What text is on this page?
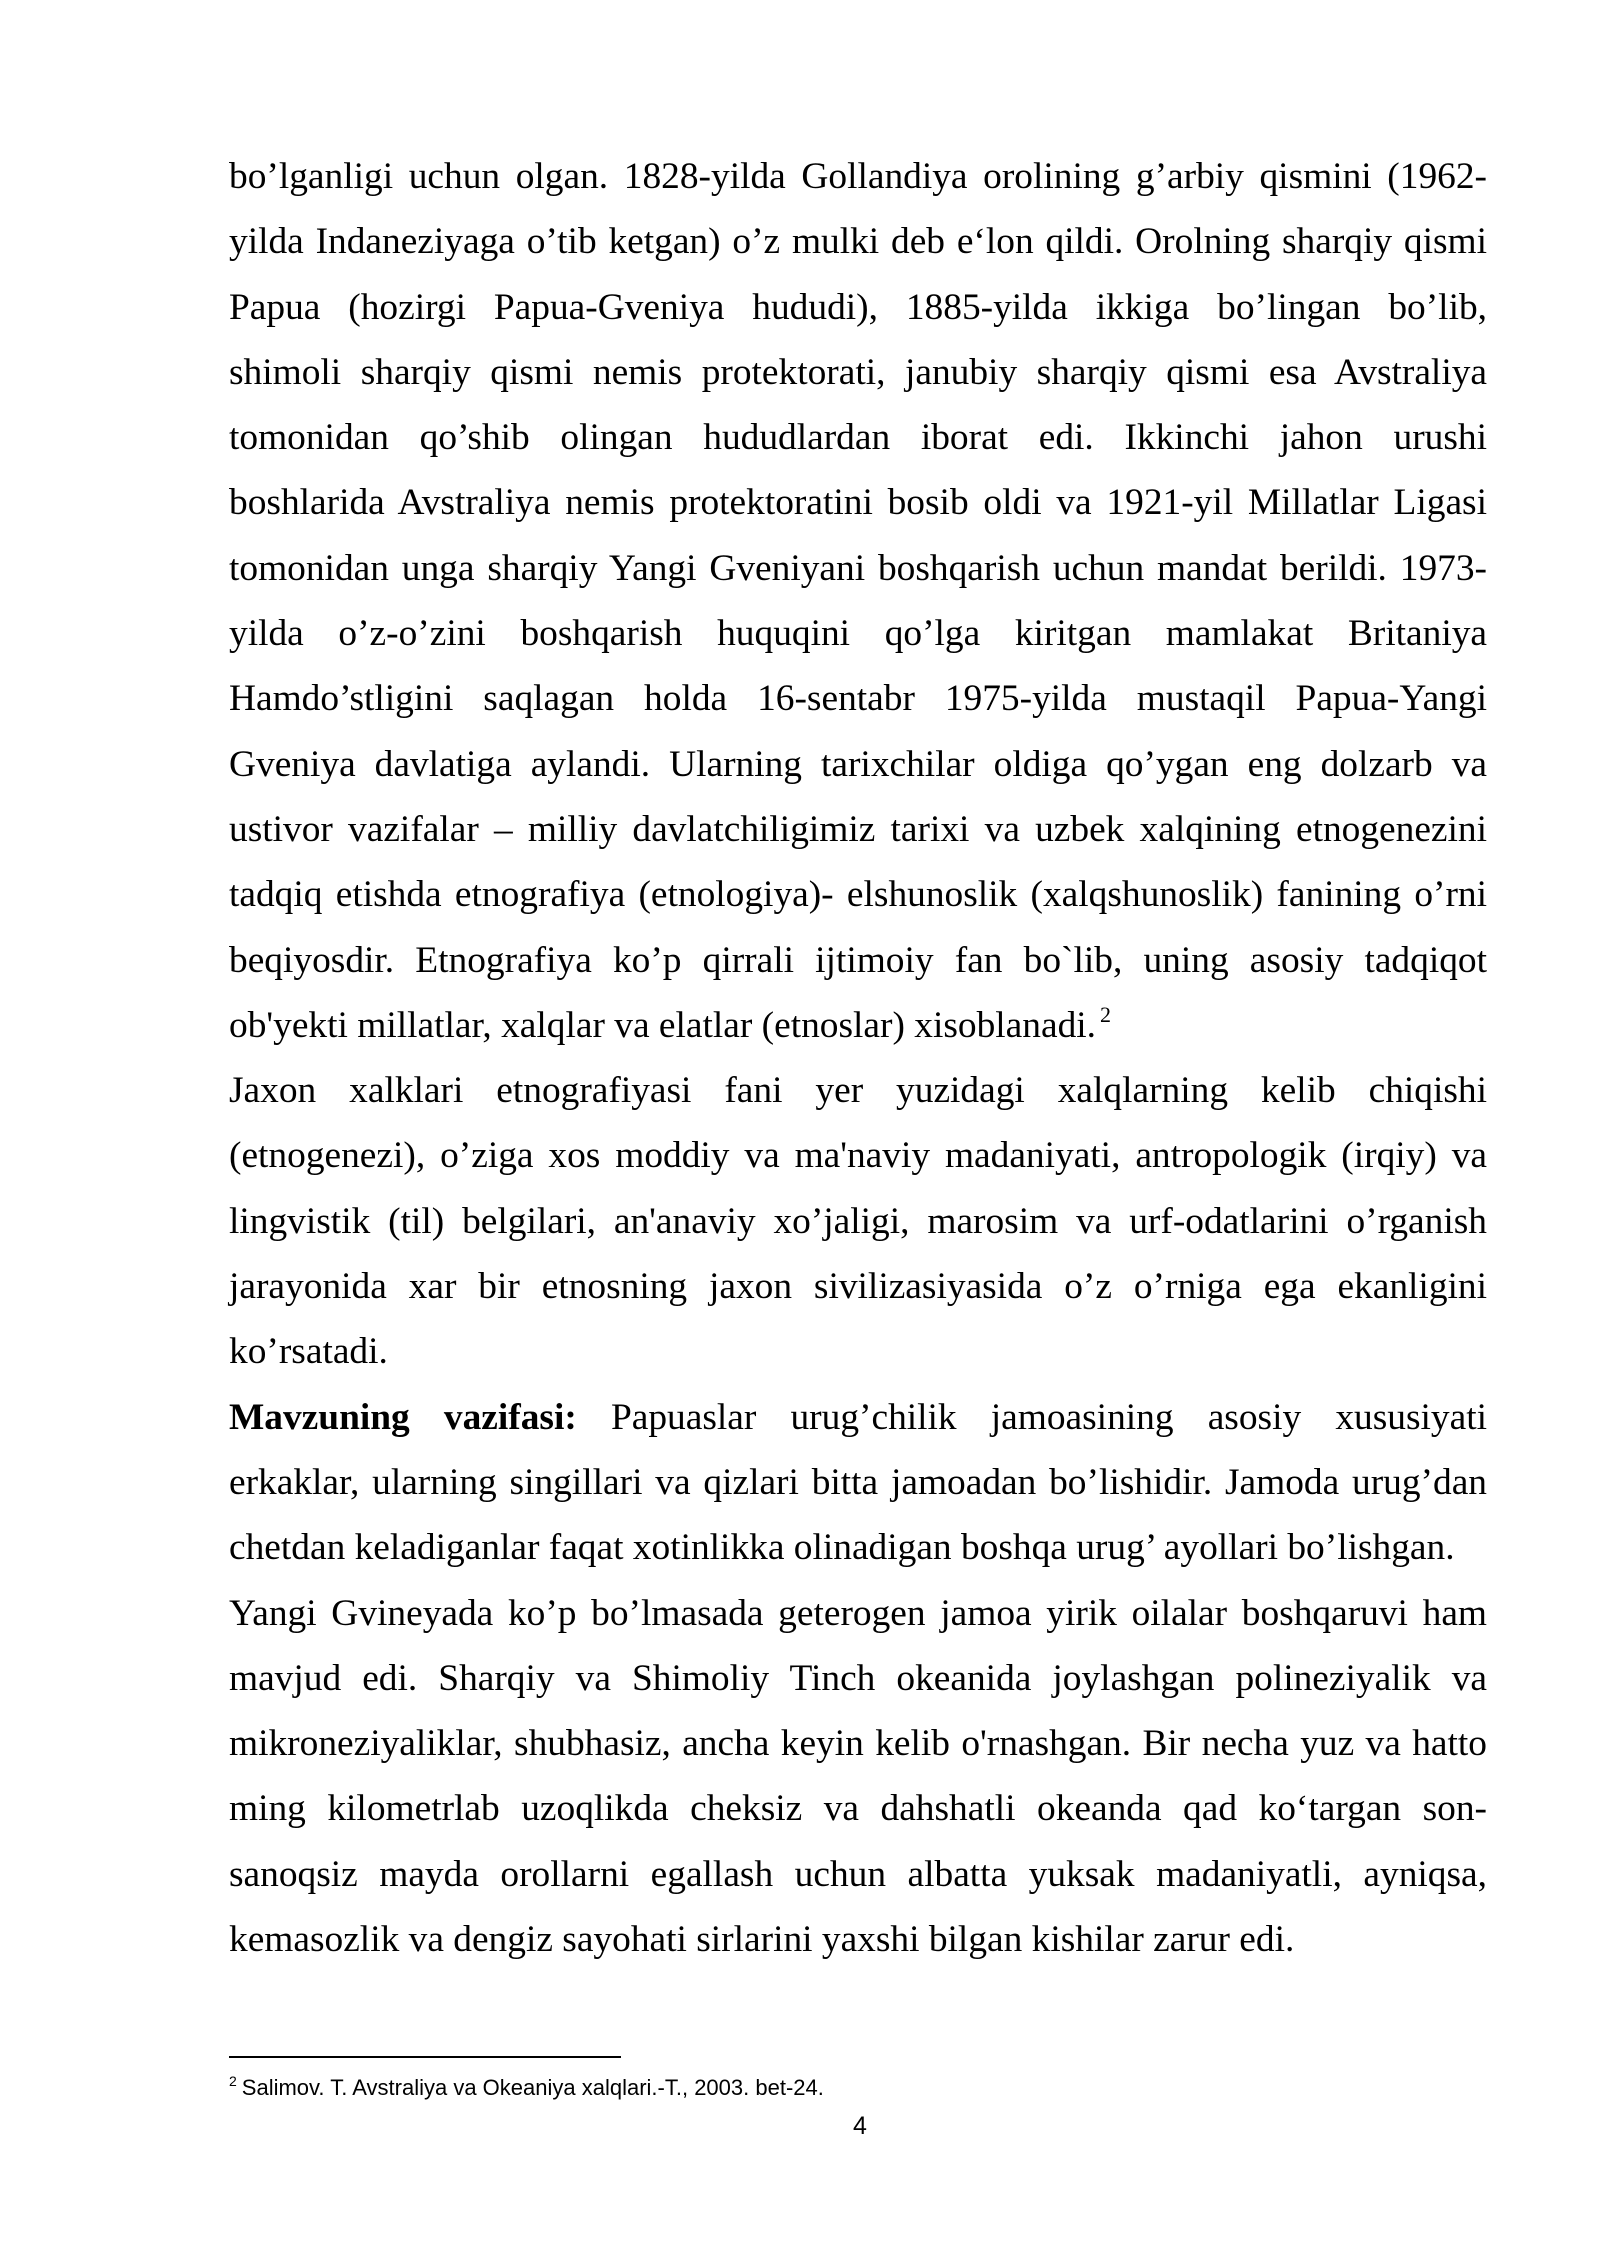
bo’lganligi uchun olgan. 1828-yilda Gollandiya orolining g’arbiy qismini (1962-
yilda Indaneziyaga o’tib ketgan) o’z mulki deb e‘lon qildi. Orolning sharqiy qismi
Papua (hozirgi Papua-Gveniya hududi), 1885-yilda ikkiga bo’lingan bo’lib,
shimoli sharqiy qismi nemis protektorati, janubiy sharqiy qismi esa Avstraliya
tomonidan qo’shib olingan hududlardan iborat edi. Ikkinchi jahon urushi
boshlarida Avstraliya nemis protektoratini bosib oldi va 1921-yil Millatlar Ligasi
tomonidan unga sharqiy Yangi Gveniyani boshqarish uchun mandat berildi. 1973-
yilda o’z-o’zini boshqarish huquqini qo’lga kiritgan mamlakat Britaniya
Hamdo’stligini saqlagan holda 16-sentabr 1975-yilda mustaqil Papua-Yangi
Gveniya davlatiga aylandi. Ularning tarixchilar oldiga qo’ygan eng dolzarb va
ustivor vazifalar – milliy davlatchiligimiz tarixi va uzbek xalqining etnogenezini
tadqiq etishda etnografiya (etnologiya)- elshunoslik (xalqshunoslik) fanining o’rni
beqiyosdir. Etnografiya ko’p qirrali ijtimoiy fan bo`lib, uning asosiy tadqiqot
ob'yekti millatlar, xalqlar va elatlar (etnoslar) xisoblanadi. $^2$
Jaxon xalklari etnografiyasi fani yer yuzidagi xalqlarning kelib chiqishi
(etnogenezi), o’ziga xos moddiy va ma'naviy madaniyati, antropologik (irqiy) va
lingvistik (til) belgilari, an'anaviy xo’jaligi, marosim va urf-odatlarini o’rganish
jarayonida xar bir etnosning jaxon sivilizasiyasida o’z o’rniga ega ekanligini
ko’rsatadi.
Mavzuning vazifasi: Papuaslar urug’chilik jamoasining asosiy xususiyati
erkaklar, ularning singillari va qizlari bitta jamoadan bo’lishidir. Jamoda urug’dan
chetdan keladiganlar faqat xotinlikka olinadigan boshqa urug’ ayollari bo’lishgan.
Yangi Gvineyada ko’p bo’lmasada geterogen jamoa yirik oilalar boshqaruvi ham
mavjud edi. Sharqiy va Shimoliy Tinch okeanida joylashgan polineziyalik va
mikroneziyaliklar, shubhasiz, ancha keyin kelib o'rnashgan. Bir necha yuz va hatto
ming kilometrlab uzoqlikda cheksiz va dahshatli okeanda qad ko‘targan son-
sanoqsiz mayda orollarni egallash uchun albatta yuksak madaniyatli, ayniqsa,
kemasozlik va dengiz sayohati sirlarini yaxshi bilgan kishilar zarur edi.
$^2$ Salimov. T. Avstraliya va Okeaniya xalqlari.-T., 2003. bet-24.
4
